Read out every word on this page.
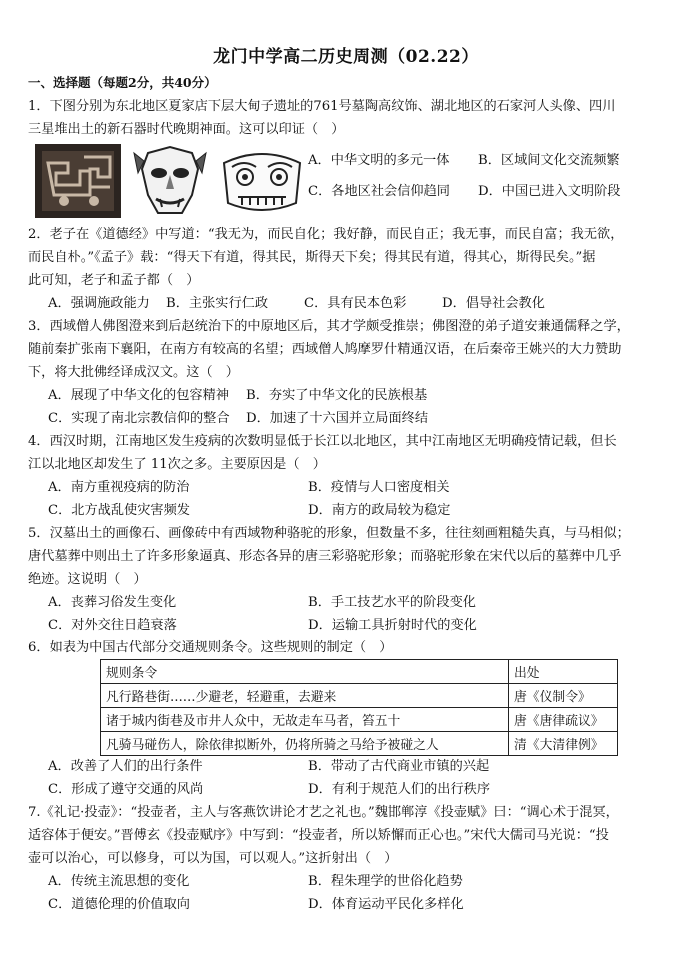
龙门中学高二历史周测（02.22）
一、选择题（每题2分，共40分）
1．下图分别为东北地区夏家店下层大甸子遗址的761号墓陶高纹饰、湖北地区的石家河人头像、四川
三星堆出土的新石器时代晚期神面。这可以印证（　）
A．中华文明的多元一体 B．区域间文化交流频繁
C．各地区社会信仰趋同 D．中国已进入文明阶段
2．老子在《道德经》中写道：“我无为，而民自化；我好静，而民自正；我无事，而民自富；我无欲，
而民自朴。”《孟子》载：“得天下有道，得其民，斯得天下矣；得其民有道，得其心，斯得民矣。”据
此可知，老子和孟子都（　）
A．强调施政能力 B．主张实行仁政	C．具有民本色彩	D．倡导社会教化
3．西域僧人佛图澄来到后赵统治下的中原地区后，其才学颇受推崇；佛图澄的弟子道安兼通儒释之学，
随前秦扩张南下襄阳，在南方有较高的名望；西域僧人鸠摩罗什精通汉语，在后秦帝王姚兴的大力赞助
下，将大批佛经译成汉文。这（　）
A．展现了中华文化的包容精神 B．夯实了中华文化的民族根基
C．实现了南北宗教信仰的整合 D．加速了十六国并立局面终结
4．西汉时期，江南地区发生疫病的次数明显低于长江以北地区，其中江南地区无明确疫情记载，但长
江以北地区却发生了 11次之多。主要原因是（　）
A．南方重视疫病的防治	B．疫情与人口密度相关
C．北方战乱使灾害频发	D．南方的政局较为稳定
5．汉墓出土的画像石、画像砖中有西域物种骆驼的形象，但数量不多，往往刻画粗糙失真，与马相似；
唐代墓葬中则出土了许多形象逼真、形态各异的唐三彩骆驼形象；而骆驼形象在宋代以后的墓葬中几乎
绝迹。这说明（　）
A．丧葬习俗发生变化	B．手工技艺水平的阶段变化
C．对外交往日趋衰落	D．运输工具折射时代的变化
6．如表为中国古代部分交通规则条令。这些规则的制定（　）
规则条令	出处
凡行路巷街……少避老，轻避重，去避来	唐《仪制令》
诸于城内街巷及市井人众中，无故走车马者，笞五十	唐《唐律疏议》
凡骑马碰伤人，除依律拟断外，仍将所骑之马给予被碰之人	清《大清律例》
A．改善了人们的出行条件	B．带动了古代商业市镇的兴起
C．形成了遵守交通的风尚	D．有利于规范人们的出行秩序
7.《礼记·投壶》：“投壶者，主人与客燕饮讲论才艺之礼也。”魏邯郸淳《投壶赋》曰：“调心术于混冥，
适容体于便安。”晋傅玄《投壶赋序》中写到：“投壶者，所以矫懈而正心也。”宋代大儒司马光说：“投
壶可以治心，可以修身，可以为国，可以观人。”这折射出（　）
A．传统主流思想的变化	B．程朱理学的世俗化趋势
C．道德伦理的价值取向	D．体育运动平民化多样化
